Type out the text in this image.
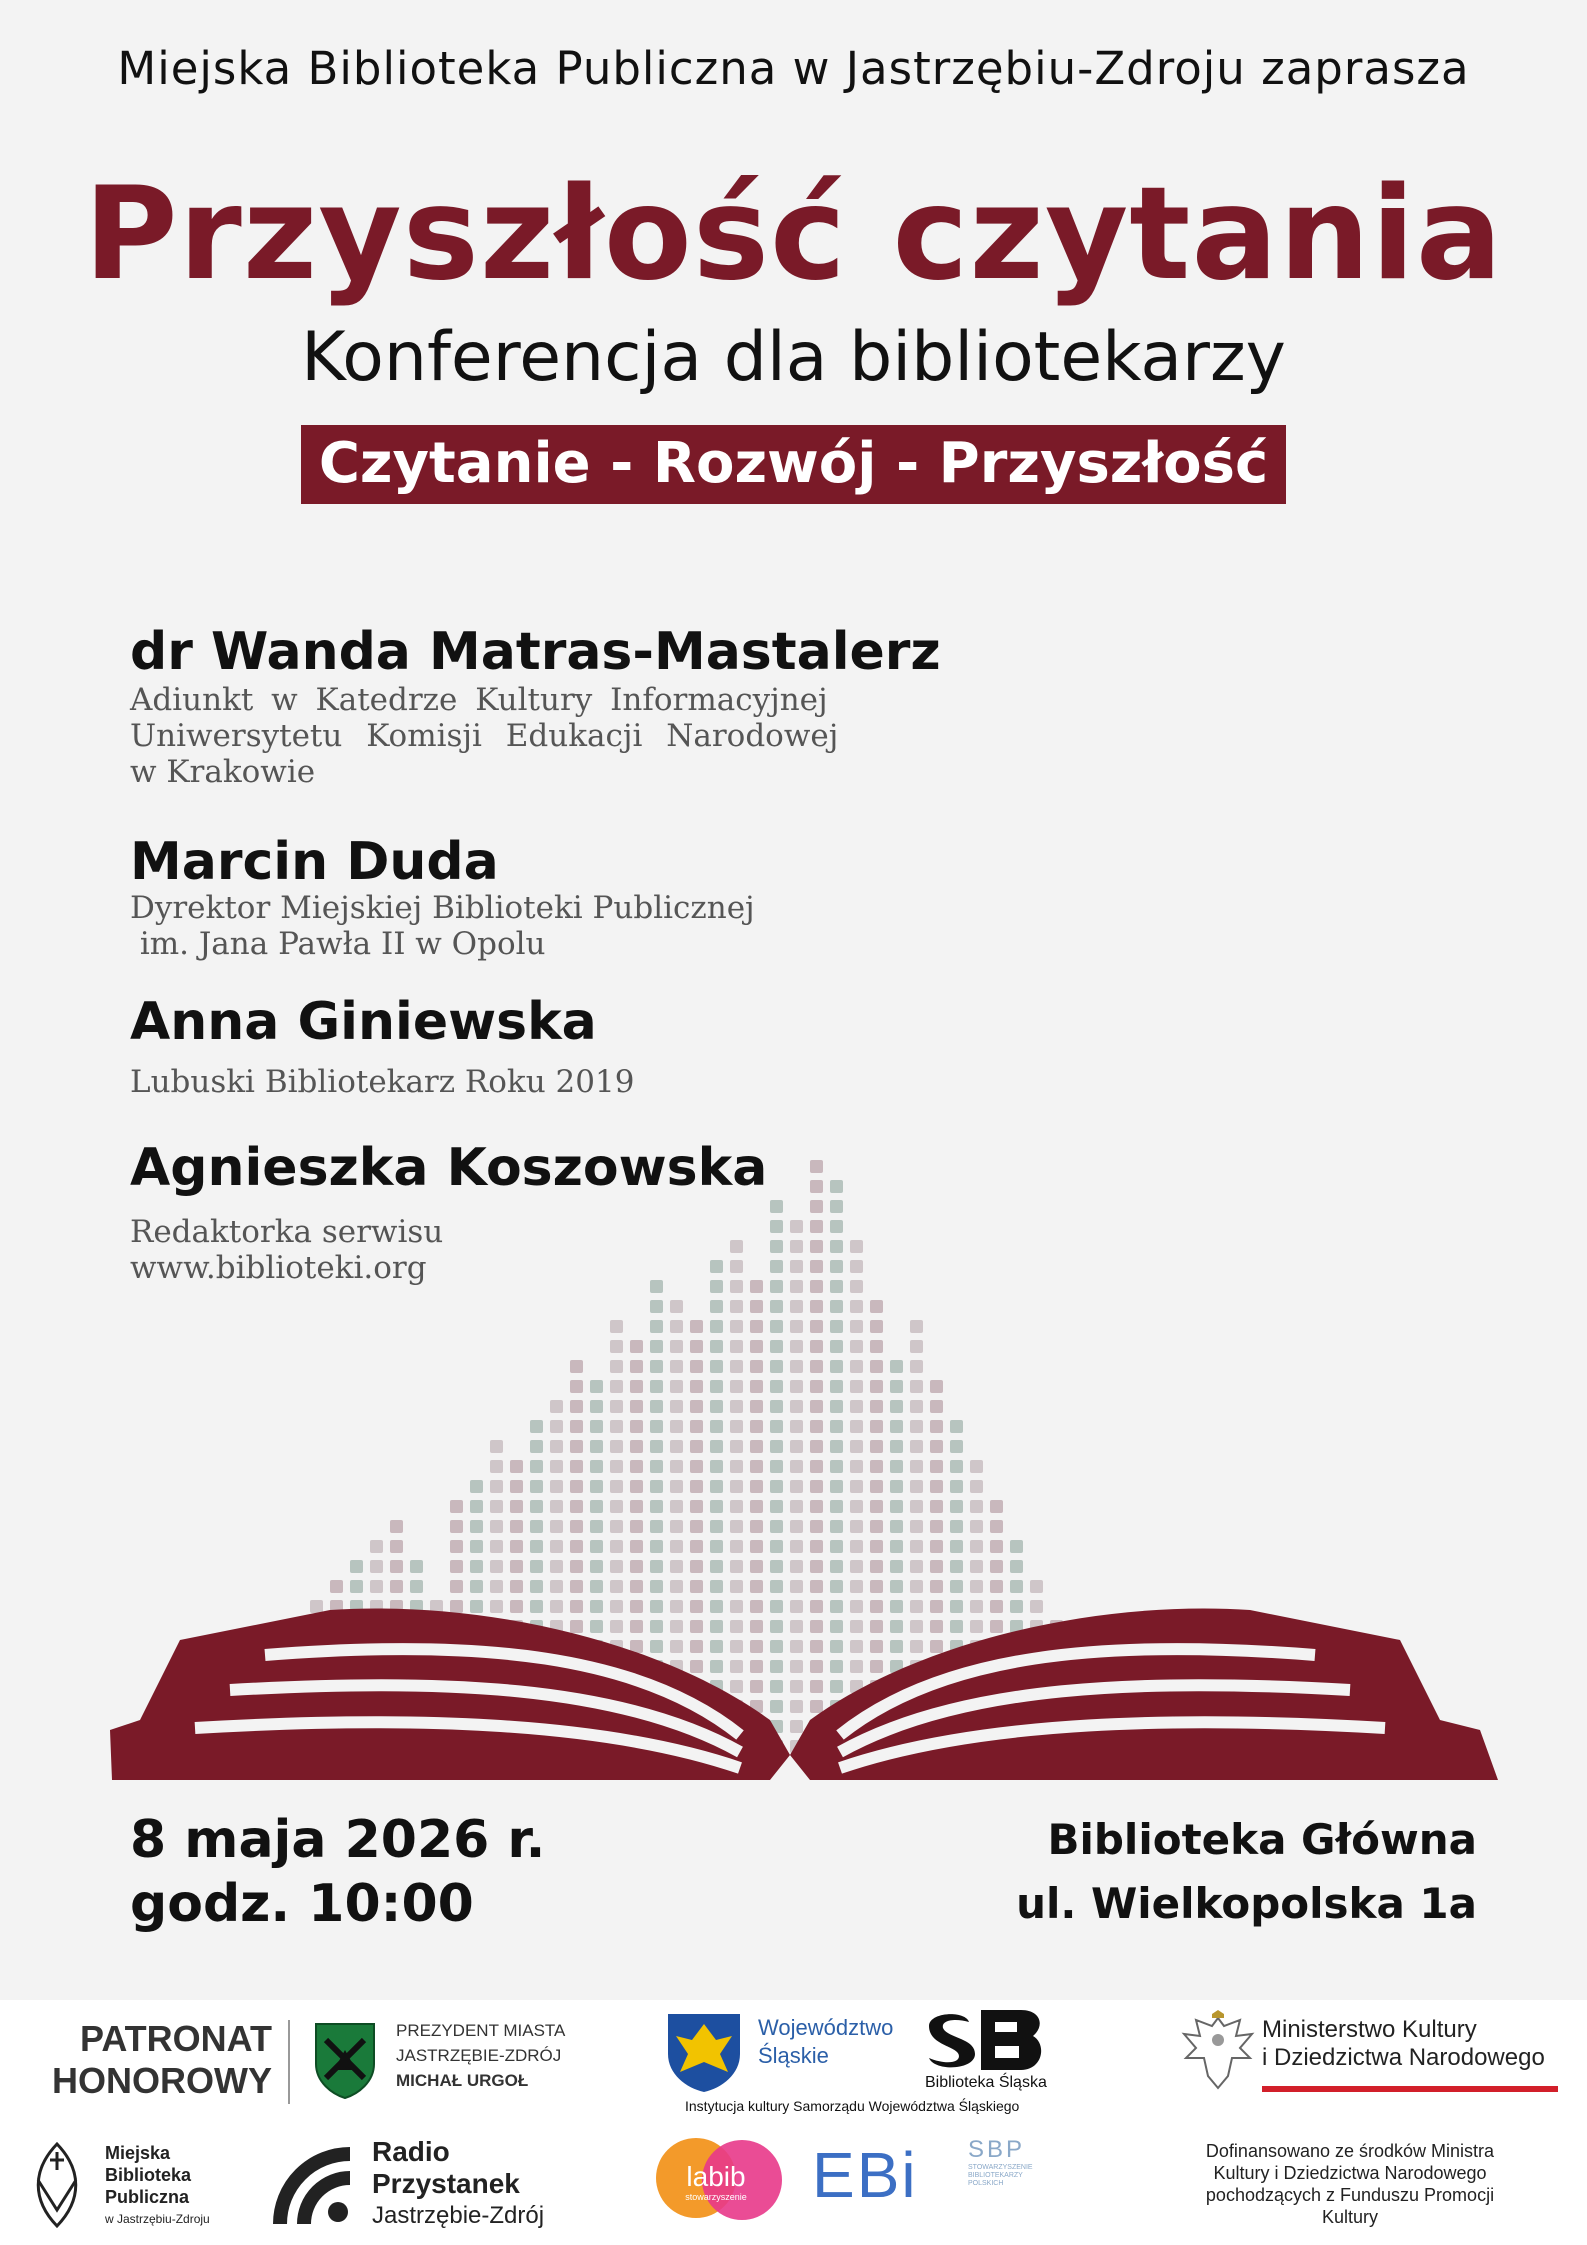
Miejska Biblioteka Publiczna w Jastrzębiu-Zdroju zaprasza
Przyszłość czytania
Konferencja dla bibliotekarzy
Czytanie - Rozwój - Przyszłość
dr Wanda Matras-Mastalerz
Adiunkt w Katedrze Kultury Informacyjnej
Uniwersytetu Komisji Edukacji Narodowej
w Krakowie
Marcin Duda
Dyrektor Miejskiej Biblioteki Publicznej
im. Jana Pawła II w Opolu
Anna Giniewska
Lubuski Bibliotekarz Roku 2019
Agnieszka Koszowska
Redaktorka serwisu
www.biblioteki.org
8 maja 2026 r.
godz. 10:00
Biblioteka Główna
ul. Wielkopolska 1a
PATRONAT
HONOROWY
PREZYDENT MIASTA
JASTRZĘBIE-ZDRÓJ
MICHAŁ URGOŁ
Województwo
Śląskie
Biblioteka Śląska
Instytucja kultury Samorządu Województwa Śląskiego
Ministerstwo Kultury
i Dziedzictwa Narodowego
Miejska
Biblioteka
Publiczna
w Jastrzębiu-Zdroju
Radio
Przystanek
Jastrzębie-Zdrój
labib
stowarzyszenie EBi SBP
STOWARZYSZENIE BIBLIOTEKARZY POLSKICH
Dofinansowano ze środków Ministra Kultury i Dziedzictwa Narodowego pochodzących z Funduszu Promocji Kultury
